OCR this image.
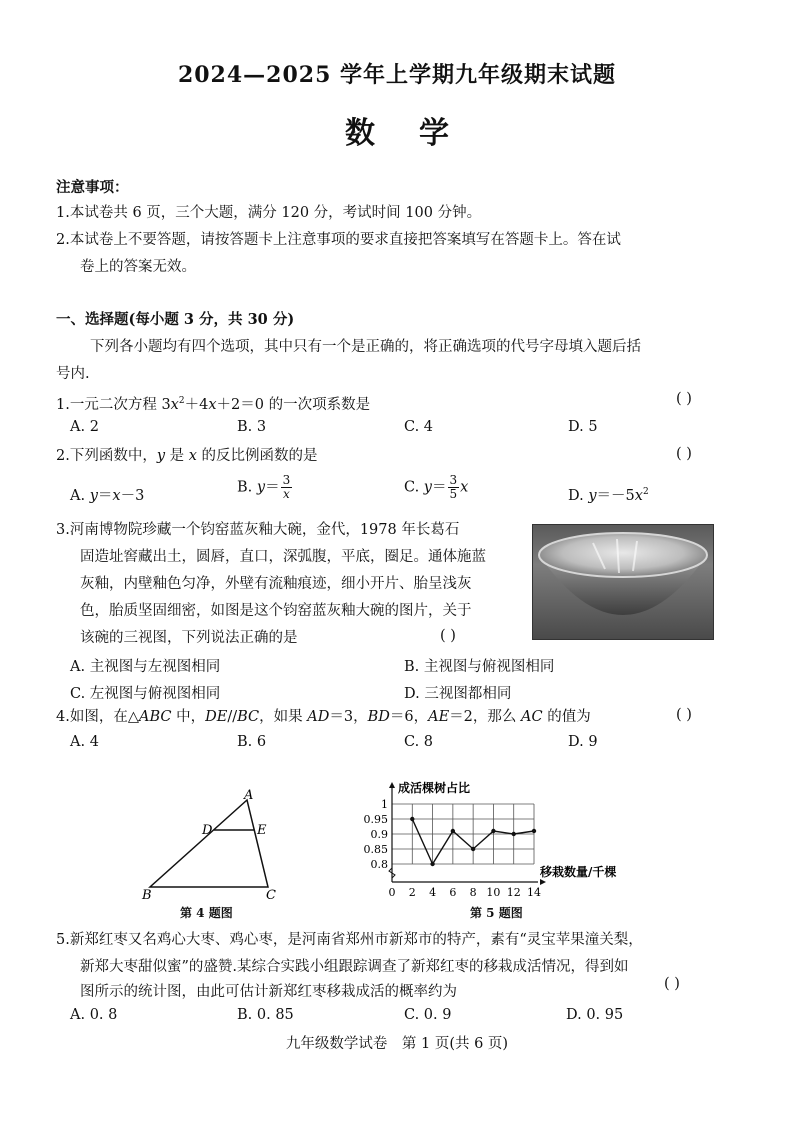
2024—2025 学年上学期九年级期末试题
数学
注意事项：
1.本试卷共 6 页，三个大题，满分 120 分，考试时间 100 分钟。
2.本试卷上不要答题，请按答题卡上注意事项的要求直接把答案填写在答题卡上。答在试
卷上的答案无效。
一、选择题(每小题 3 分，共 30 分)
下列各小题均有四个选项，其中只有一个是正确的，将正确选项的代号字母填入题后括
号内.
1.一元二次方程 $3x^2+4x+2=0$ 的一次项系数是	( )
A. 2	B. 3	C. 4	D. 5
2.下列函数中，y 是 x 的反比例函数的是	( )
A. y＝x－3
B. $y= \frac{3}{x}$	C. $y= \frac{3}{5}$ x
D. $y=-5x^2$
3.河南博物院珍藏一个钧窑蓝灰釉大碗，金代，1978 年长葛石
固造址窖藏出土，圆唇，直口，深弧腹，平底，圈足。通体施蓝
灰釉，内壁釉色匀净，外壁有流釉痕迹，细小开片、胎呈浅灰
色，胎质坚固细密，如图是这个钧窑蓝灰釉大碗的图片，关于
该碗的三视图，下列说法正确的是	( )
A. 主视图与左视图相同	B. 主视图与俯视图相同
C. 左视图与俯视图相同	D. 三视图都相同
4.如图，在△ABC 中，DE//BC，如果 AD＝3，BD＝6，AE＝2，那么 AC 的值为	( )
A. 4	B. 6	C. 8	D. 9
A
D	E
B	C
第 4 题图
0.8
0.85
0.9
0.95
1
0 2 4 6 8 10 12 14
成活棵树占比
移栽数量/千棵
第 5 题图
5.新郑红枣又名鸡心大枣、鸡心枣，是河南省郑州市新郑市的特产，素有“灵宝苹果潼关梨，
新郑大枣甜似蜜”的盛赞.某综合实践小组跟踪调查了新郑红枣的移栽成活情况，得到如
图所示的统计图，由此可估计新郑红枣移栽成活的概率约为	( )
A. 0. 8	B. 0. 85	C. 0. 9	D. 0. 95
九年级数学试卷　第 1 页(共 6 页)
